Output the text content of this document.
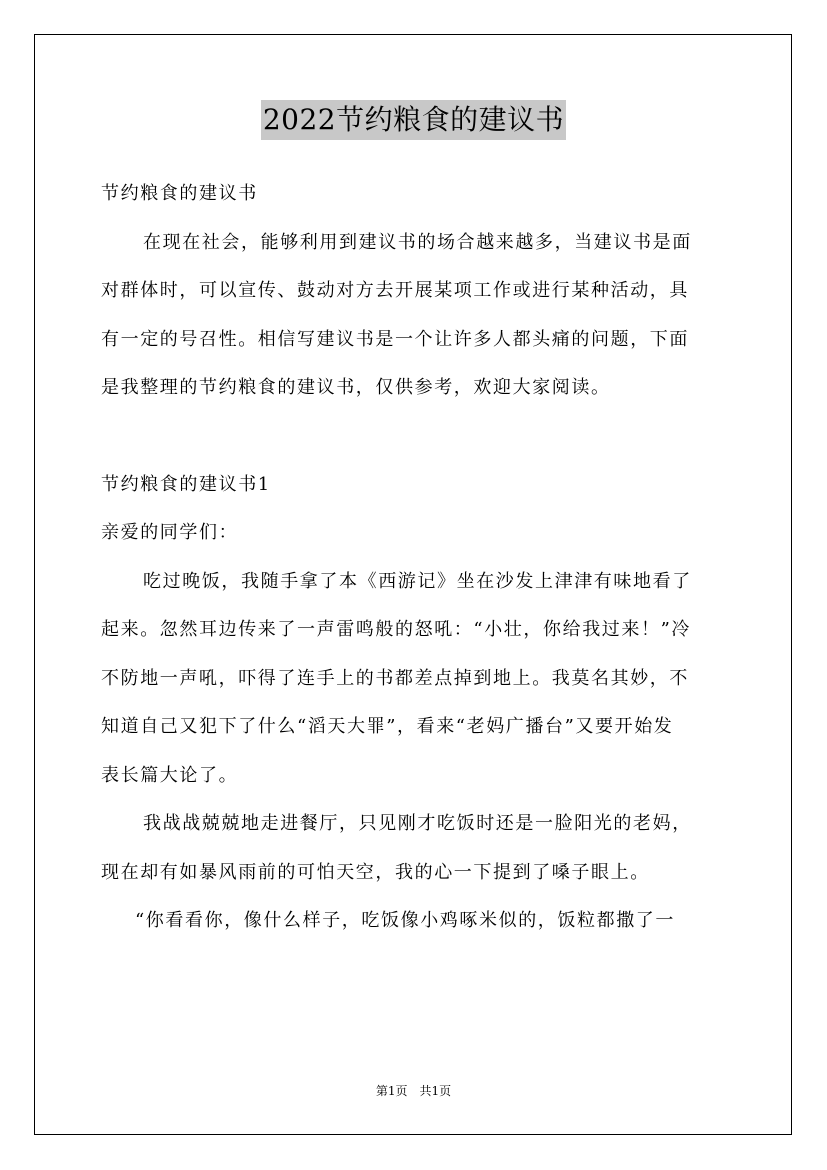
2022节约粮食的建议书
节约粮食的建议书
在现在社会，能够利用到建议书的场合越来越多，当建议书是面
对群体时，可以宣传、鼓动对方去开展某项工作或进行某种活动，具
有一定的号召性。相信写建议书是一个让许多人都头痛的问题，下面
是我整理的节约粮食的建议书，仅供参考，欢迎大家阅读。
节约粮食的建议书1
亲爱的同学们：
吃过晚饭，我随手拿了本《西游记》坐在沙发上津津有味地看了
起来。忽然耳边传来了一声雷鸣般的怒吼：“小壮，你给我过来！”冷
不防地一声吼，吓得了连手上的书都差点掉到地上。我莫名其妙，不
知道自己又犯下了什么“滔天大罪”，看来“老妈广播台”又要开始发
表长篇大论了。
我战战兢兢地走进餐厅，只见刚才吃饭时还是一脸阳光的老妈，
现在却有如暴风雨前的可怕天空，我的心一下提到了嗓子眼上。
“你看看你，像什么样子，吃饭像小鸡啄米似的，饭粒都撒了一
第1页　共1页
